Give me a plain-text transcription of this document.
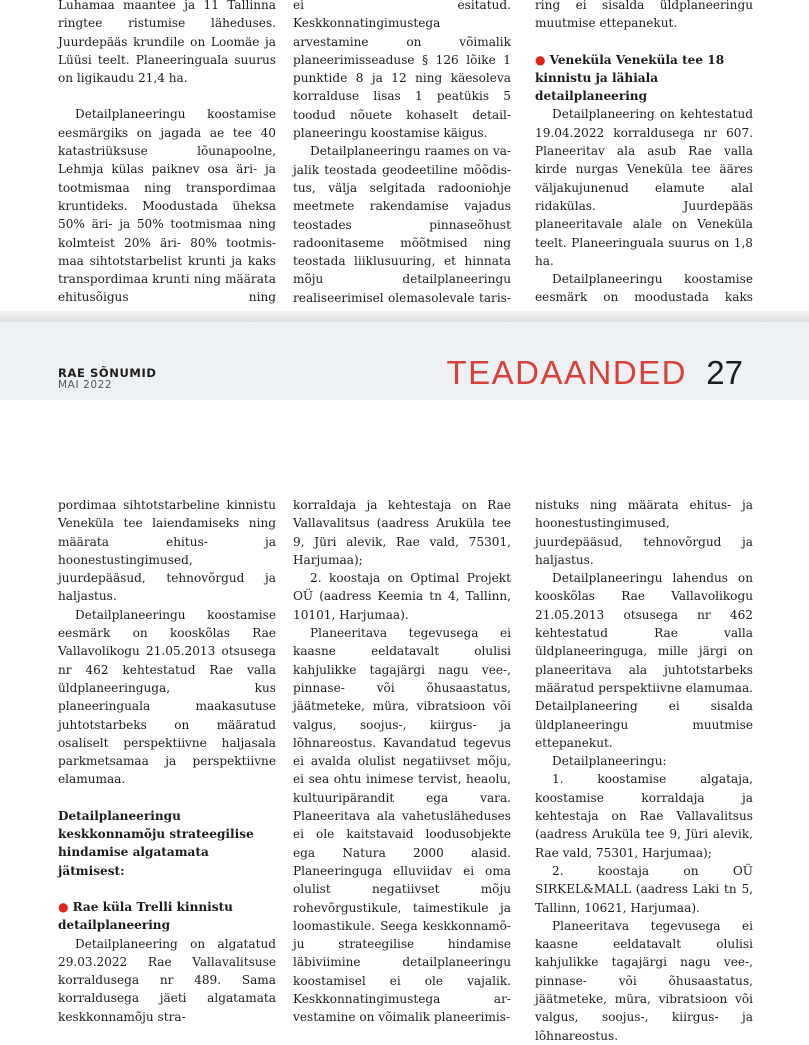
Luhamaa maantee ja 11 Tallinna ringtee ristumise läheduses. Juurdepääs krundile on Loomäe ja Lüüsi teelt. Planeeringuala suurus on ligikaudu 21,4 ha.

Detailplaneeringu koostamise eesmärgiks on jagada ae tee 40 katastriüksuse lõunapoolne, Lehmja külas paiknev osa äri- ja tootmismaa ning transpordimaa kruntideks. Moodustada üheksa 50% äri- ja 50% tootmismaa ning kolmteist 20% äri- 80% tootmismaa sihtotstarbelist krunti ja kaks transpordimaa krunti ning määrata ehitusõigus ning

ei esitatud. Keskkonnatingimustega arvestamine on võimalik planeerimisseaduse § 126 lõike 1 punktide 8 ja 12 ning käesoleva korralduse lisas 1 peatükis 5 toodud nõuete kohaselt detailplaneeringu koostamise käigus.

Detailplaneeringu raames on vajalik teostada geodeetiline mõõdistus, välja selgitada radooniohje meetmete rakendamise vajadus teostades pinnaseõhust radoonitaseme mõõtmised ning teostada liiklusuuring, et hinnata mõju detailplaneeringu realiseerimisel olemasolevale taris

ring ei sisalda üldplaneeringu muutmise ettepanekut.

● Veneküla Veneküla tee 18 kinnistu ja lähiala detailplaneering

Detailplaneering on kehtestatud 19.04.2022 korraldusega nr 607. Planeeritav ala asub Rae valla kirde nurgas Veneküla tee ääres väljakujunenud elamute alal ridakülas. Juurdepääs planeeritavale alale on Veneküla teelt. Planeeringuala suurus on 1,8 ha.

Detailplaneeringu koostamise eesmärk on moodustada kaks

RAE SÕNUMID
MAI 2022	TEADAANDED 27

pordimaa sihtotstarbeline kinnistu Veneküla tee laiendamiseks ning määrata ehitus- ja hoonestustingimused, juurdepääsud, tehnovõrgud ja haljastus.

Detailplaneeringu koostamise eesmärk on kooskõlas Rae Vallavolikogu 21.05.2013 otsusega nr 462 kehtestatud Rae valla üldplaneeringuga, kus planeeringuala maakasutuse juhtotstarbeks on määratud osaliselt perspektiivne haljasala parkmetsamaa ja perspektiivne elamumaa.

Detailplaneeringu keskkonnamõju strateegilise hindamise algatamata jätmisest:
● Rae küla Trelli kinnistu detailplaneering

Detailplaneering on algatatud 29.03.2022 Rae Vallavalitsuse korraldusega nr 489. Sama korraldusega jäeti algatamata keskkonnamõju stra-

korraldaja ja kehtestaja on Rae Vallavalitsus (aadress Aruküla tee 9, Jüri alevik, Rae vald, 75301, Harjumaa);

2. koostaja on Optimal Projekt OÜ (aadress Keemia tn 4, Tallinn, 10101, Harjumaa).

Planeeritava tegevusega ei kaasne eeldatavalt olulisi kahjulikke tagajärgi nagu vee-, pinnase- või õhusaastatus, jäätmeteke, müra, vibratsioon või valgus, soojus-, kiirgus- ja lõhnareostus. Kavandatud tegevus ei avalda olulist negatiivset mõju, ei sea ohtu inimese tervist, heaolu, kultuuripärandit ega vara. Planeeritava ala vahetusläheduses ei ole kaitstavaid loodusobjekte ega Natura 2000 alasid. Planeeringuga elluviidav ei oma olulist negatiivset mõju rohevõrgustikule, taimestikule ja loomastikule. Seega keskkonnamõju strateegilise hindamise läbiviimine detailplaneeringu koostamisel ei ole vajalik. Keskkonnatingimustega arvestamine on võimalik planeerimis-

nistuks ning määrata ehitus- ja hoonestustingimused, juurdepääsud, tehnovõrgud ja haljastus.

Detailplaneeringu lahendus on kooskõlas Rae Vallavolikogu 21.05.2013 otsusega nr 462 kehtestatud Rae valla üldplaneeringuga, mille järgi on planeeritava ala juhtotstarbeks määratud perspektiivne elamumaa. Detailplaneering ei sisalda üldplaneeringu muutmise ettepanekut.

Detailplaneeringu:

1. koostamise algataja, koostamise korraldaja ja kehtestaja on Rae Vallavalitsus (aadress Aruküla tee 9, Jüri alevik, Rae vald, 75301, Harjumaa);

2. koostaja on OÜ SIRKEL&MALL (aadress Laki tn 5, Tallinn, 10621, Harjumaa).

Planeeritava tegevusega ei kaasne eeldatavalt olulisi kahjulikke tagajärgi nagu vee-, pinnase- või õhusaastatus, jäätmeteke, müra, vibratsioon või valgus, soojus-, kiirgus- ja lõhnareostus.
